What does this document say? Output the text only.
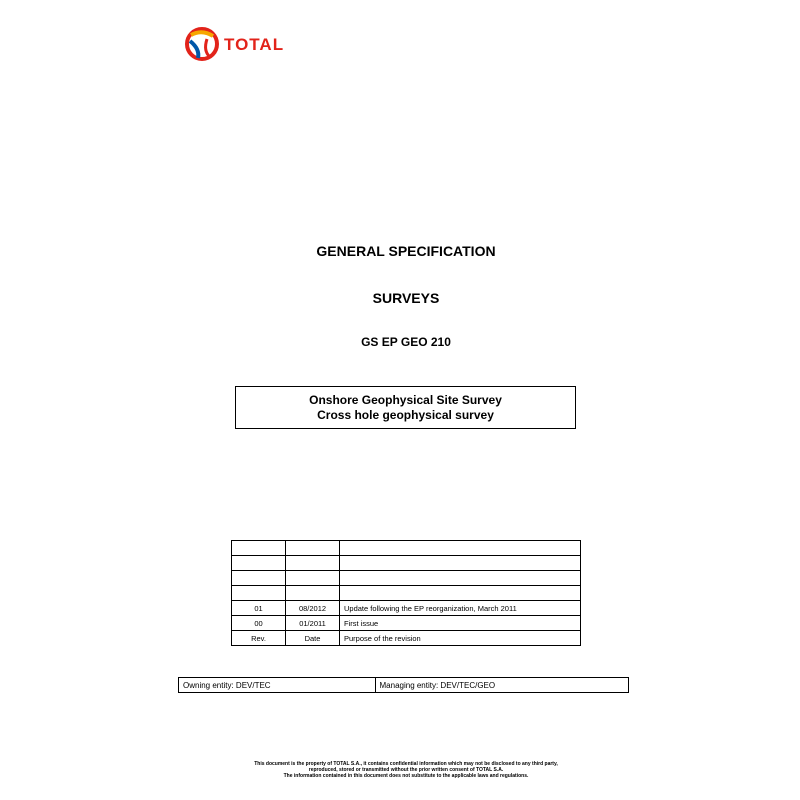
TOTAL
GENERAL SPECIFICATION
SURVEYS
GS EP GEO 210
Onshore Geophysical Site Survey
Cross hole geophysical survey

01	08/2012	Update following the EP reorganization, March 2011
00	01/2011	First issue
Rev.	Date	Purpose of the revision
Owning entity: DEV/TEC	Managing entity: DEV/TEC/GEO
This document is the property of TOTAL S.A., it contains confidential information which may not be disclosed to any third party,
reproduced, stored or transmitted without the prior written consent of TOTAL S.A.
The information contained in this document does not substitute to the applicable laws and regulations.
